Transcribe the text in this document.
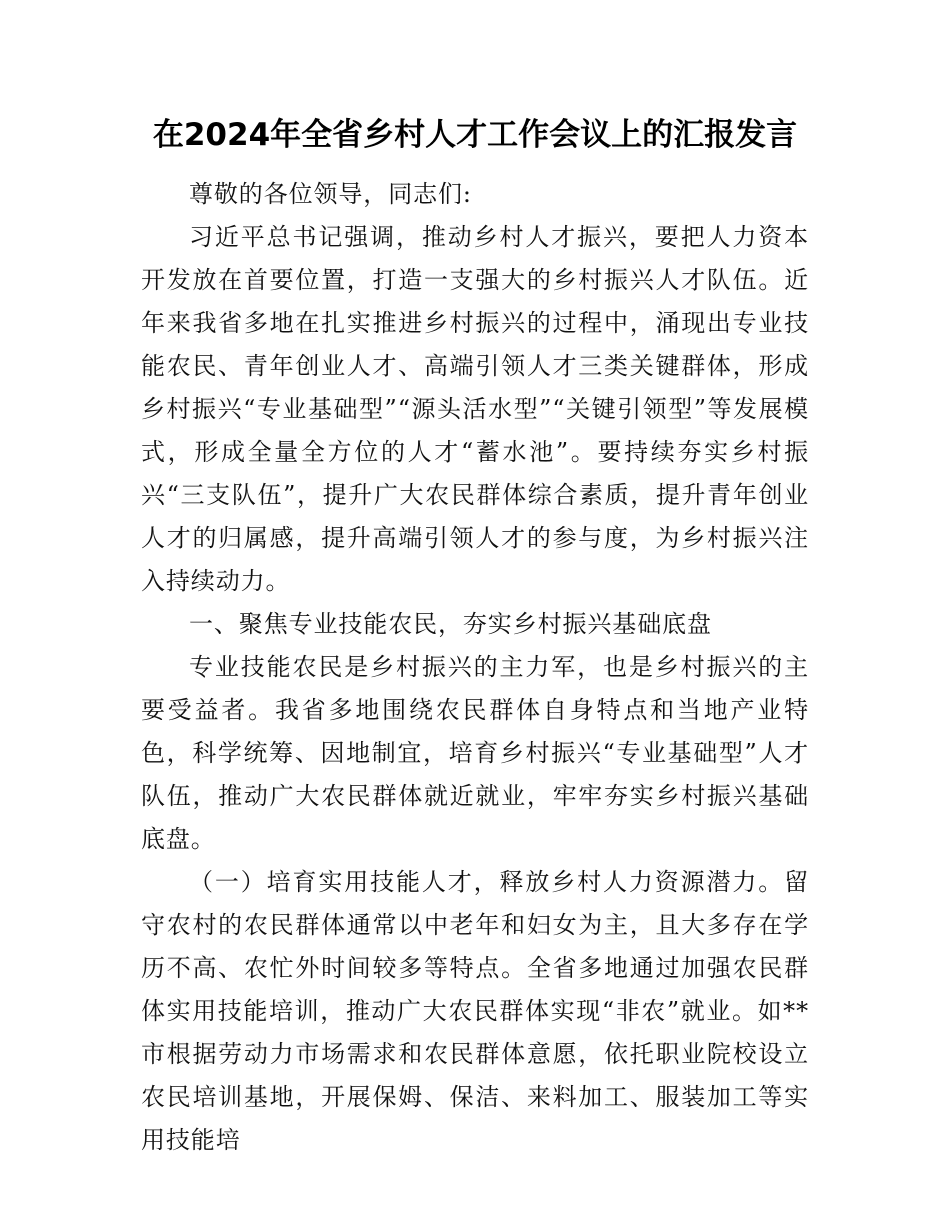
在2024年全省乡村人才工作会议上的汇报发言

尊敬的各位领导，同志们:

习近平总书记强调，推动乡村人才振兴，要把人力资本开发放在首要位置，打造一支强大的乡村振兴人才队伍。近年来我省多地在扎实推进乡村振兴的过程中，涌现出专业技能农民、青年创业人才、高端引领人才三类关键群体，形成乡村振兴“专业基础型”“源头活水型”“关键引领型”等发展模式，形成全量全方位的人才“蓄水池”。要持续夯实乡村振兴“三支队伍”，提升广大农民群体综合素质，提升青年创业人才的归属感，提升高端引领人才的参与度，为乡村振兴注入持续动力。

一、聚焦专业技能农民，夯实乡村振兴基础底盘

专业技能农民是乡村振兴的主力军，也是乡村振兴的主要受益者。我省多地围绕农民群体自身特点和当地产业特色，科学统筹、因地制宜，培育乡村振兴“专业基础型”人才队伍，推动广大农民群体就近就业，牢牢夯实乡村振兴基础底盘。

（一）培育实用技能人才，释放乡村人力资源潜力。留守农村的农民群体通常以中老年和妇女为主，且大多存在学历不高、农忙外时间较多等特点。全省多地通过加强农民群体实用技能培训，推动广大农民群体实现“非农”就业。如**市根据劳动力市场需求和农民群体意愿，依托职业院校设立农民培训基地，开展保姆、保洁、来料加工、服装加工等实用技能培
